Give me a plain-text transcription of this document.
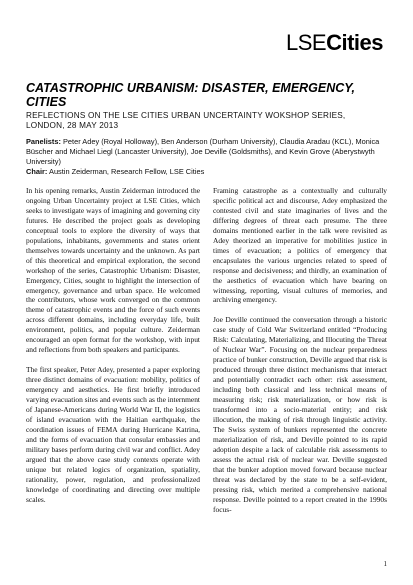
LSECities
CATASTROPHIC URBANISM: DISASTER, EMERGENCY, CITIES
REFLECTIONS ON THE LSE CITIES URBAN UNCERTAINTY WOKSHOP SERIES, LONDON, 28 MAY 2013
Panelists: Peter Adey (Royal Holloway), Ben Anderson (Durham University), Claudia Aradau (KCL), Monica Büscher and Michael Liegl (Lancaster University), Joe Deville (Goldsmiths), and Kevin Grove (Aberystwyth University)
Chair: Austin Zeiderman, Research Fellow, LSE Cities

In his opening remarks, Austin Zeiderman introduced the ongoing Urban Uncertainty project at LSE Cities, which seeks to investigate ways of imagining and governing city futures. He described the project goals as developing conceptual tools to explore the diversity of ways that populations, inhabitants, governments and states orient themselves towards uncertainty and the unknown. As part of this theoretical and empirical exploration, the second workshop of the series, Catastrophic Urbanism: Disaster, Emergency, Cities, sought to highlight the intersection of emergency, governance and urban space. He welcomed the contributors, whose work converged on the common theme of catastrophic events and the force of such events across different domains, including everyday life, built environment, politics, and popular culture. Zeiderman encouraged an open format for the workshop, with input and reflections from both speakers and participants.

The first speaker, Peter Adey, presented a paper exploring three distinct domains of evacuation: mobility, politics of emergency and aesthetics. He first briefly introduced varying evacuation sites and events such as the internment of Japanese-Americans during World War II, the logistics of island evacuation with the Haitian earthquake, the coordination issues of FEMA during Hurricane Katrina, and the forms of evacuation that consular embassies and military bases perform during civil war and conflict. Adey argued that the above case study contexts operate with unique but related logics of organization, spatiality, rationality, power, regulation, and professionalized knowledge of coordinating and directing over multiple scales.

Framing catastrophe as a contextually and culturally specific political act and discourse, Adey emphasized the contested civil and state imaginaries of lives and the differing degrees of threat each presume. The three domains mentioned earlier in the talk were revisited as Adey theorized an imperative for mobilities justice in times of evacuation; a politics of emergency that encapsulates the various urgencies related to speed of response and decisiveness; and thirdly, an examination of the aesthetics of evacuation which have bearing on witnessing, reporting, visual cultures of memories, and archiving emergency.

Joe Deville continued the conversation through a historic case study of Cold War Switzerland entitled “Producing Risk: Calculating, Materializing, and Illocuting the Threat of Nuclear War”. Focusing on the nuclear preparedness practice of bunker construction, Deville argued that risk is produced through three distinct mechanisms that interact and potentially contradict each other: risk assessment, including both classical and less technical means of measuring risk; risk materialization, or how risk is transformed into a socio-material entity; and risk illocution, the making of risk through linguistic activity. The Swiss system of bunkers represented the concrete materialization of risk, and Deville pointed to its rapid adoption despite a lack of calculable risk assessments to assess the actual risk of nuclear war. Deville suggested that the bunker adoption moved forward because nuclear threat was declared by the state to be a self-evident, pressing risk, which merited a comprehensive national response. Deville pointed to a report created in the 1990s focus-

1
